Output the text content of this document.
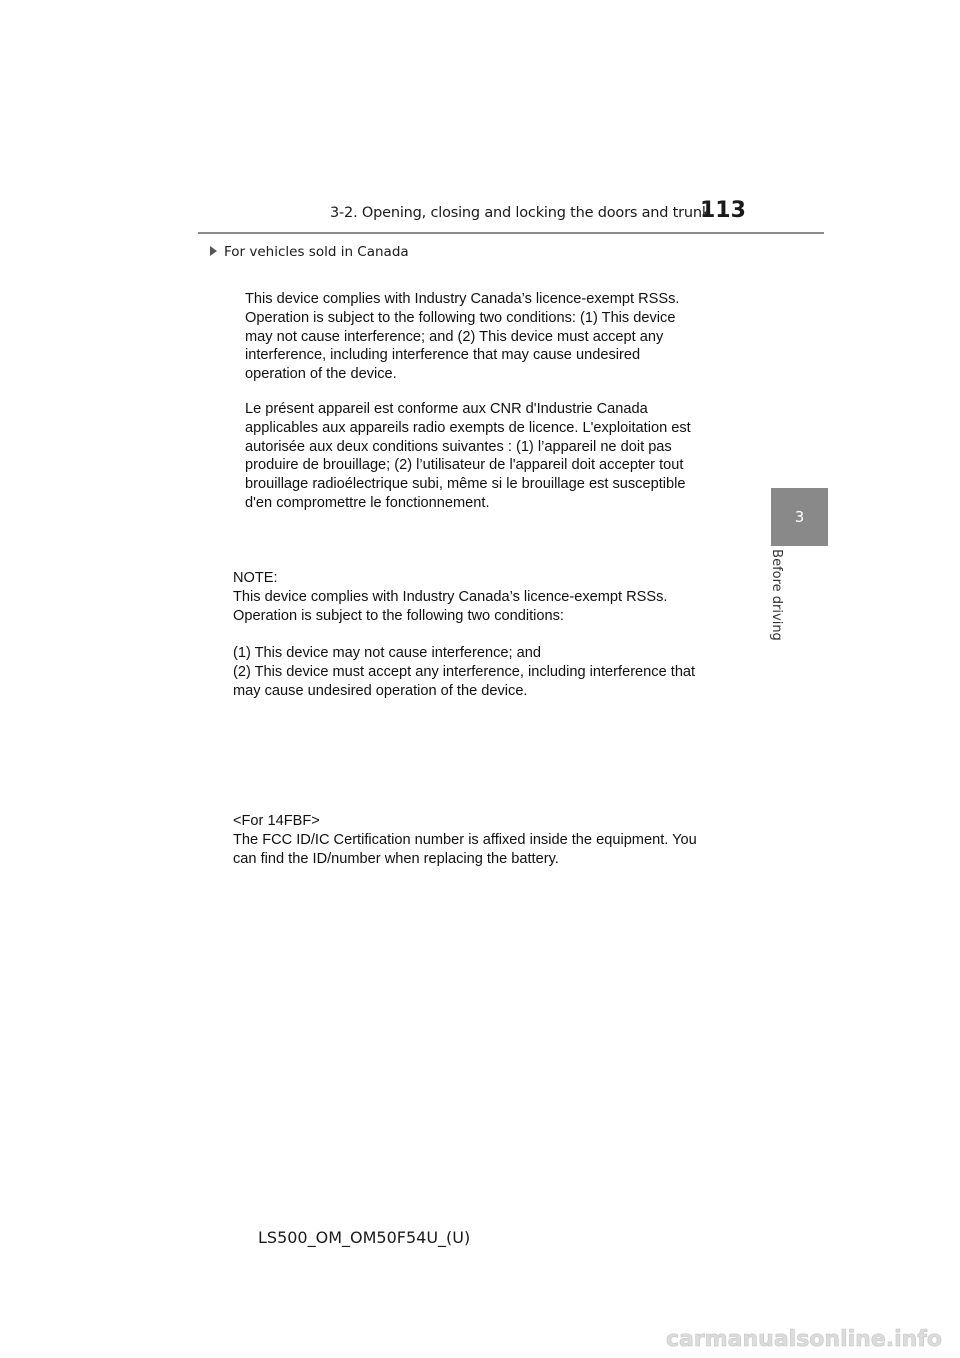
3-2. Opening, closing and locking the doors and trunk
113
3
Before driving
For vehicles sold in Canada

This device complies with Industry Canada’s licence-exempt RSSs.

Operation is subject to the following two conditions: (1) This device

may not cause interference; and (2) This device must accept any

interference, including interference that may cause undesired

operation of the device.

Le présent appareil est conforme aux CNR d'Industrie Canada

applicables aux appareils radio exempts de licence. L'exploitation est

autorisée aux deux conditions suivantes : (1) l’appareil ne doit pas

produire de brouillage; (2) l’utilisateur de l'appareil doit accepter tout

brouillage radioélectrique subi, même si le brouillage est susceptible

d'en compromettre le fonctionnement.

NOTE:

This device complies with Industry Canada’s licence-exempt RSSs.

Operation is subject to the following two conditions:

(1) This device may not cause interference; and

(2) This device must accept any interference, including interference that

may cause undesired operation of the device.

<For 14FBF>

The FCC ID/IC Certification number is affixed inside the equipment. You

can find the ID/number when replacing the battery.

LS500_OM_OM50F54U_(U)
carmanualsonline.info
